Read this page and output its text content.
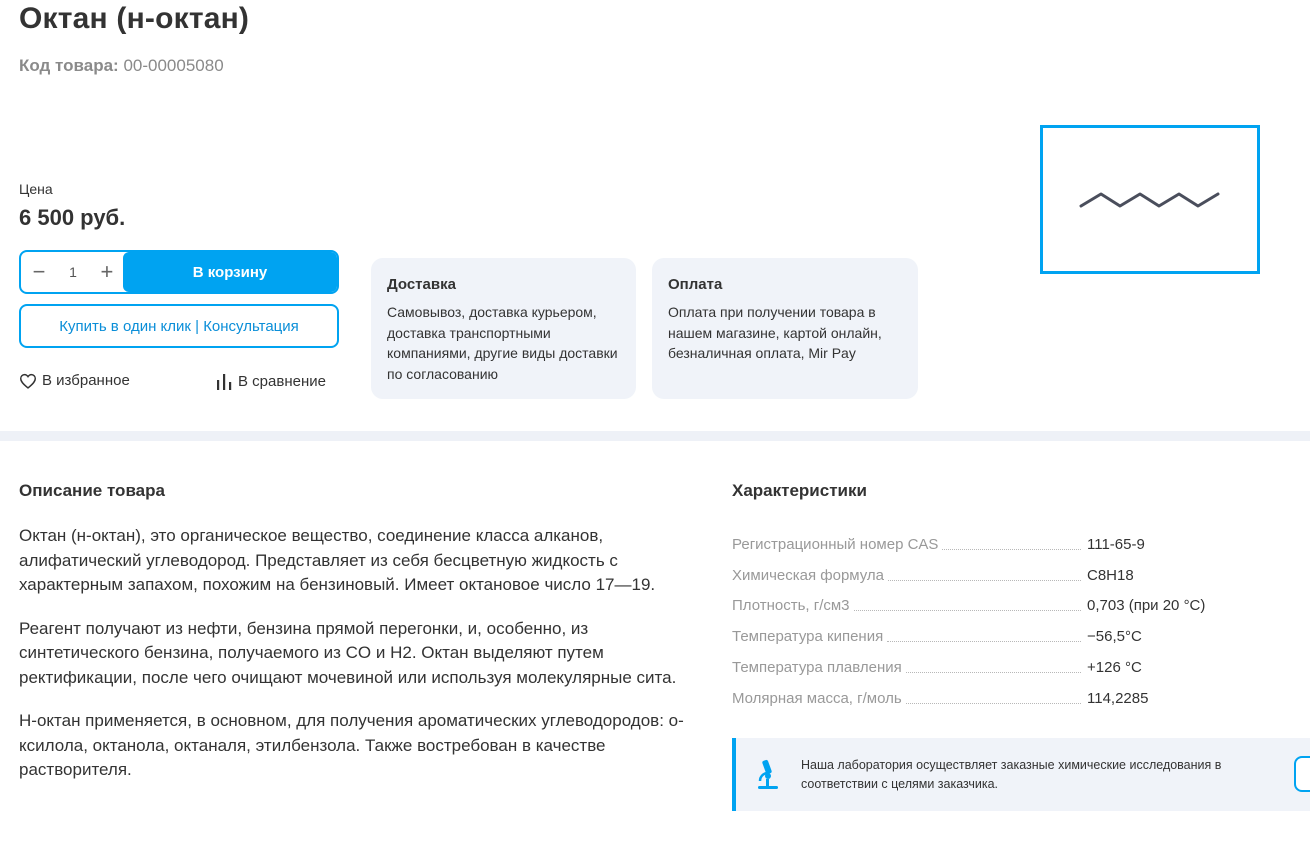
Октан (н-октан)
Код товара: 00-00005080
Цена
6 500 руб.
− 1 +	В корзину
Купить в один клик | Консультация
В избранное	В сравнение
Доставка
Самовывоз, доставка курьером, доставка транспортными компаниями, другие виды доставки по согласованию
Оплата
Оплата при получении товара в нашем магазине, картой онлайн, безналичная оплата, Mir Pay
Описание товара

Октан (н-октан), это органическое вещество, соединение класса алканов, алифатический углеводород. Представляет из себя бесцветную жидкость с характерным запахом, похожим на бензиновый. Имеет октановое число 17—19.

Реагент получают из нефти, бензина прямой перегонки, и, особенно, из синтетического бензина, получаемого из CO и H2. Октан выделяют путем ректификации, после чего очищают мочевиной или используя молекулярные сита.

Н-октан применяется, в основном, для получения ароматических углеводородов: о-ксилола, октанола, октаналя, этилбензола. Также востребован в качестве растворителя.

Характеристики
Регистрационный номер CAS	111-65-9
Химическая формула	C8H18
Плотность, г/см3	0,703 (при 20 °C)
Температура кипения	−56,5°С
Температура плавления	+126 °C
Молярная масса, г/моль	114,2285
Наша лаборатория осуществляет заказные химические исследования в соответствии с целями заказчика.
